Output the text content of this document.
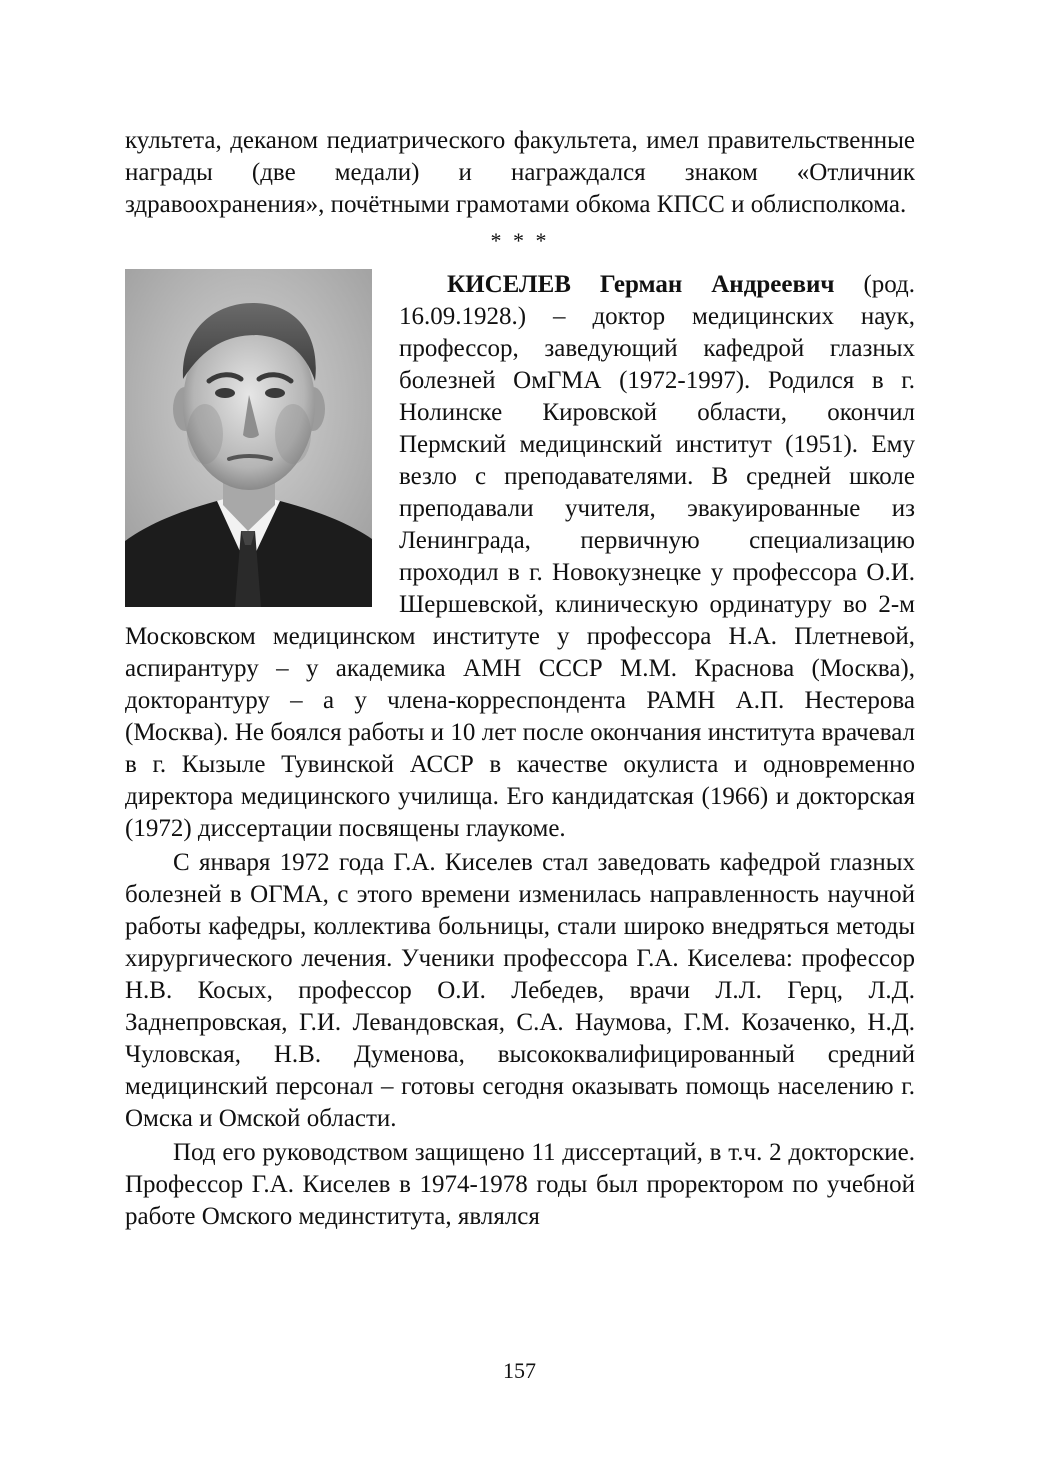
культета, деканом педиатрического факультета, имел правительственные награды (две медали) и награждался знаком «Отличник здравоохранения», почётными грамотами обкома КПСС и облисполкома.

* * *

КИСЕЛЕВ Герман Андреевич (род. 16.09.1928.) – доктор медицинских наук, профессор, заведующий кафедрой глазных болезней ОмГМА (1972-1997). Родился в г. Нолинске Кировской области, окончил Пермский медицинский институт (1951). Ему везло с преподавателями. В средней школе преподавали учителя, эвакуированные из Ленинграда, первичную специализацию проходил в г. Новокузнецке у профессора О.И. Шершевской, клиническую ординатуру во 2-м Московском медицинском институте у профессора Н.А. Плетневой, аспирантуру – у академика АМН СССР М.М. Краснова (Москва), докторантуру – а у члена-корреспондента РАМН А.П. Нестерова (Москва). Не боялся работы и 10 лет после окончания института врачевал в г. Кызыле Тувинской АССР в качестве окулиста и одновременно директора медицинского училища. Его кандидатская (1966) и докторская (1972) диссертации посвящены глаукоме.

С января 1972 года Г.А. Киселев стал заведовать кафедрой глазных болезней в ОГМА, с этого времени изменилась направленность научной работы кафедры, коллектива больницы, стали широко внедряться методы хирургического лечения. Ученики профессора Г.А. Киселева: профессор Н.В. Косых, профессор О.И. Лебедев, врачи Л.Л. Герц, Л.Д. Заднепровская, Г.И. Левандовская, С.А. Наумова, Г.М. Козаченко, Н.Д. Чуловская, Н.В. Думенова, высококвалифицированный средний медицинский персонал – готовы сегодня оказывать помощь населению г. Омска и Омской области.

Под его руководством защищено 11 диссертаций, в т.ч. 2 докторские. Профессор Г.А. Киселев в 1974-1978 годы был проректором по учебной работе Омского мединститута, являлся

157
